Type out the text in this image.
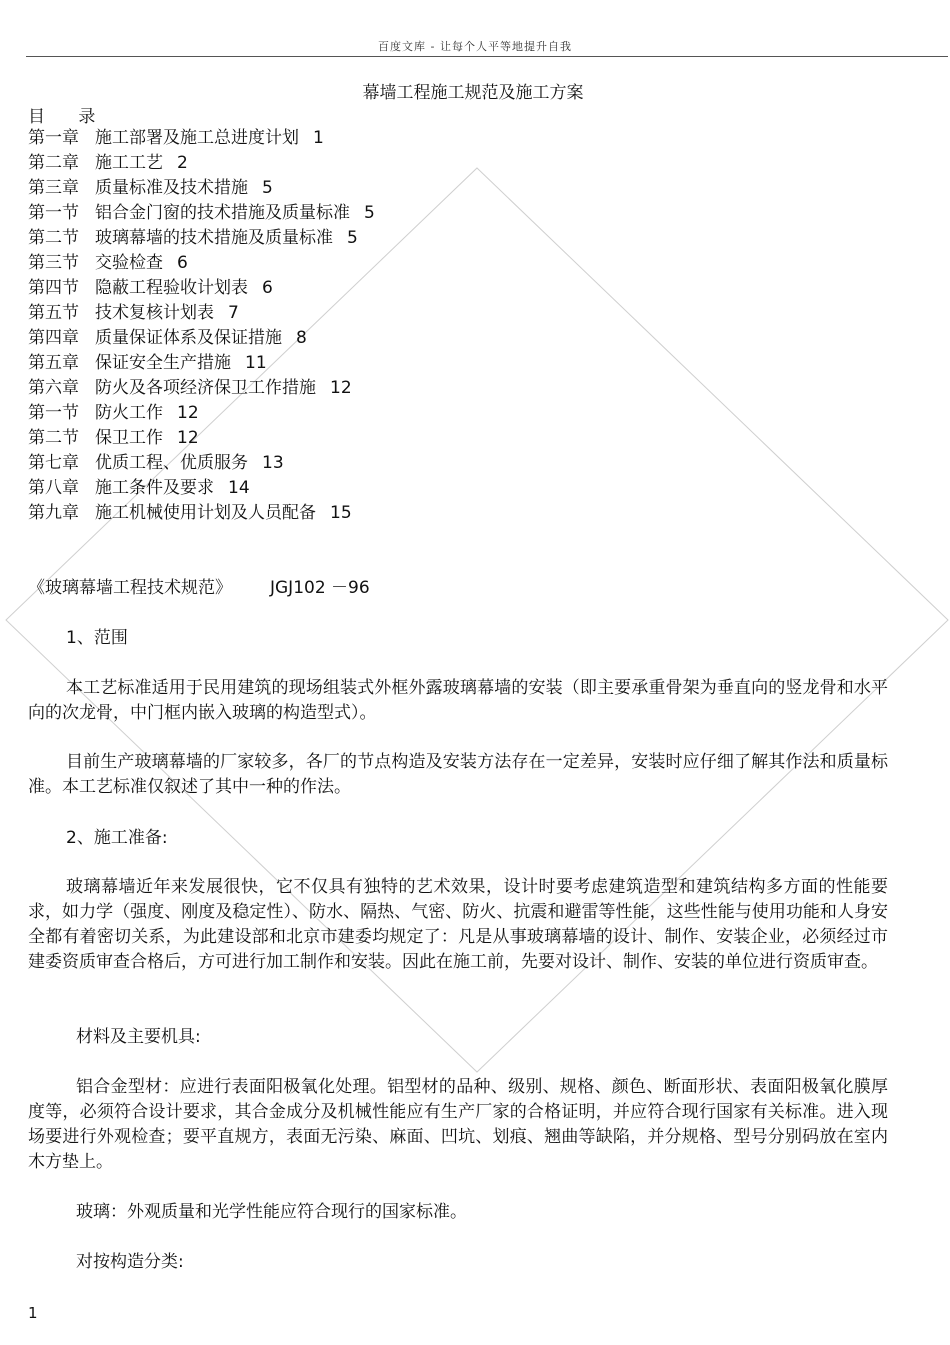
百度文库 - 让每个人平等地提升自我
幕墙工程施工规范及施工方案
目 录
第一章 施工部署及施工总进度计划 1
第二章 施工工艺 2
第三章 质量标准及技术措施 5
第一节 铝合金门窗的技术措施及质量标准 5
第二节 玻璃幕墙的技术措施及质量标准 5
第三节 交验检查 6
第四节 隐蔽工程验收计划表 6
第五节 技术复核计划表 7
第四章 质量保证体系及保证措施 8
第五章 保证安全生产措施 11
第六章 防火及各项经济保卫工作措施 12
第一节 防火工作 12
第二节 保卫工作 12
第七章 优质工程、优质服务 13
第八章 施工条件及要求 14
第九章 施工机械使用计划及人员配备 15
《玻璃幕墙工程技术规范》 JGJ102 －96
1、范围
本工艺标准适用于民用建筑的现场组装式外框外露玻璃幕墙的安装（即主要承重骨架为垂直向的竖龙骨和水平向的次龙骨，中门框内嵌入玻璃的构造型式）。
目前生产玻璃幕墙的厂家较多，各厂的节点构造及安装方法存在一定差异，安装时应仔细了解其作法和质量标准。本工艺标准仅叙述了其中一种的作法。
2、施工准备:
玻璃幕墙近年来发展很快，它不仅具有独特的艺术效果，设计时要考虑建筑造型和建筑结构多方面的性能要求，如力学（强度、刚度及稳定性）、防水、隔热、气密、防火、抗震和避雷等性能，这些性能与使用功能和人身安全都有着密切关系，为此建设部和北京市建委均规定了：凡是从事玻璃幕墙的设计、制作、安装企业，必须经过市建委资质审查合格后，方可进行加工制作和安装。因此在施工前，先要对设计、制作、安装的单位进行资质审查。
材料及主要机具:
铝合金型材：应进行表面阳极氧化处理。铝型材的品种、级别、规格、颜色、断面形状、表面阳极氧化膜厚度等，必须符合设计要求，其合金成分及机械性能应有生产厂家的合格证明，并应符合现行国家有关标准。进入现场要进行外观检查；要平直规方，表面无污染、麻面、凹坑、划痕、翘曲等缺陷，并分规格、型号分别码放在室内木方垫上。
玻璃：外观质量和光学性能应符合现行的国家标准。
对按构造分类:
1
